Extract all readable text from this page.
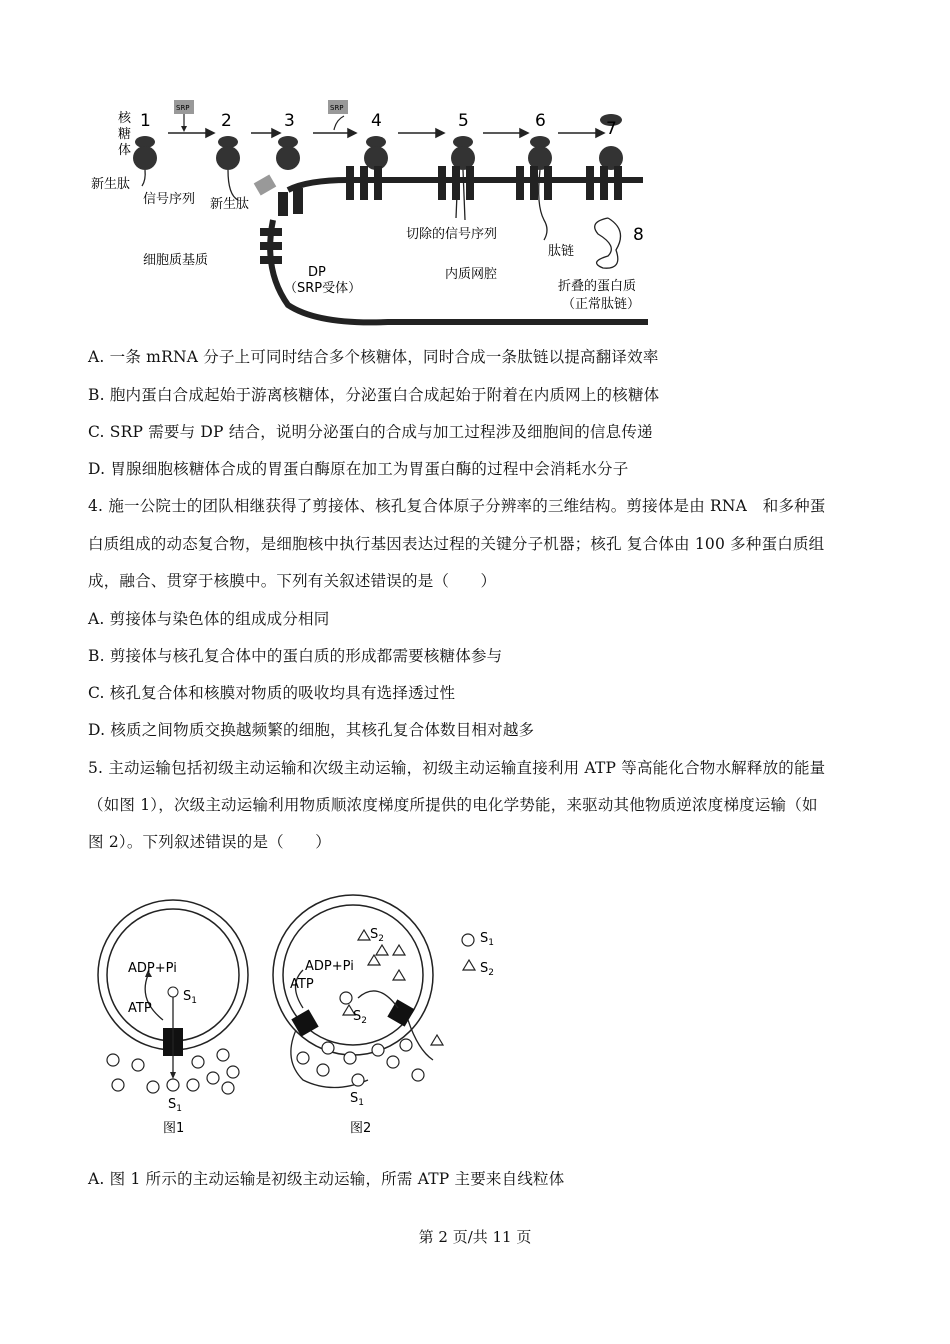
SRP	SRP
1	2	3	4	5	6	7
8
核
糖
体
新生肽
信号序列 新生肽
细胞质基质
DP
（SRP受体）
切除的信号序列
内质网腔
肽链
折叠的蛋白质
（正常肽链）
A. 一条 mRNA 分子上可同时结合多个核糖体，同时合成一条肽链以提高翻译效率
B. 胞内蛋白合成起始于游离核糖体，分泌蛋白合成起始于附着在内质网上的核糖体
C. SRP 需要与 DP 结合，说明分泌蛋白的合成与加工过程涉及细胞间的信息传递
D. 胃腺细胞核糖体合成的胃蛋白酶原在加工为胃蛋白酶的过程中会消耗水分子
4. 施一公院士的团队相继获得了剪接体、核孔复合体原子分辨率的三维结构。剪接体是由 RNA　和多种蛋
白质组成的动态复合物，是细胞核中执行基因表达过程的关键分子机器；核孔 复合体由 100 多种蛋白质组
成，融合、贯穿于核膜中。下列有关叙述错误的是（　　）
A. 剪接体与染色体的组成成分相同
B. 剪接体与核孔复合体中的蛋白质的形成都需要核糖体参与
C. 核孔复合体和核膜对物质的吸收均具有选择透过性
D. 核质之间物质交换越频繁的细胞，其核孔复合体数目相对越多
5. 主动运输包括初级主动运输和次级主动运输，初级主动运输直接利用 ATP 等高能化合物水解释放的能量
（如图 1），次级主动运输利用物质顺浓度梯度所提供的电化学势能，来驱动其他物质逆浓度梯度运输（如
图 2）。下列叙述错误的是（　　）
ADP+Pi
ATP
$S_1$
$S_1$
图1
ADP+Pi
ATP
$S_2$
$S_2$
$S_1$
$S_1$
$S_2$
图2
A. 图 1 所示的主动运输是初级主动运输，所需 ATP 主要来自线粒体
第 2 页/共 11 页
